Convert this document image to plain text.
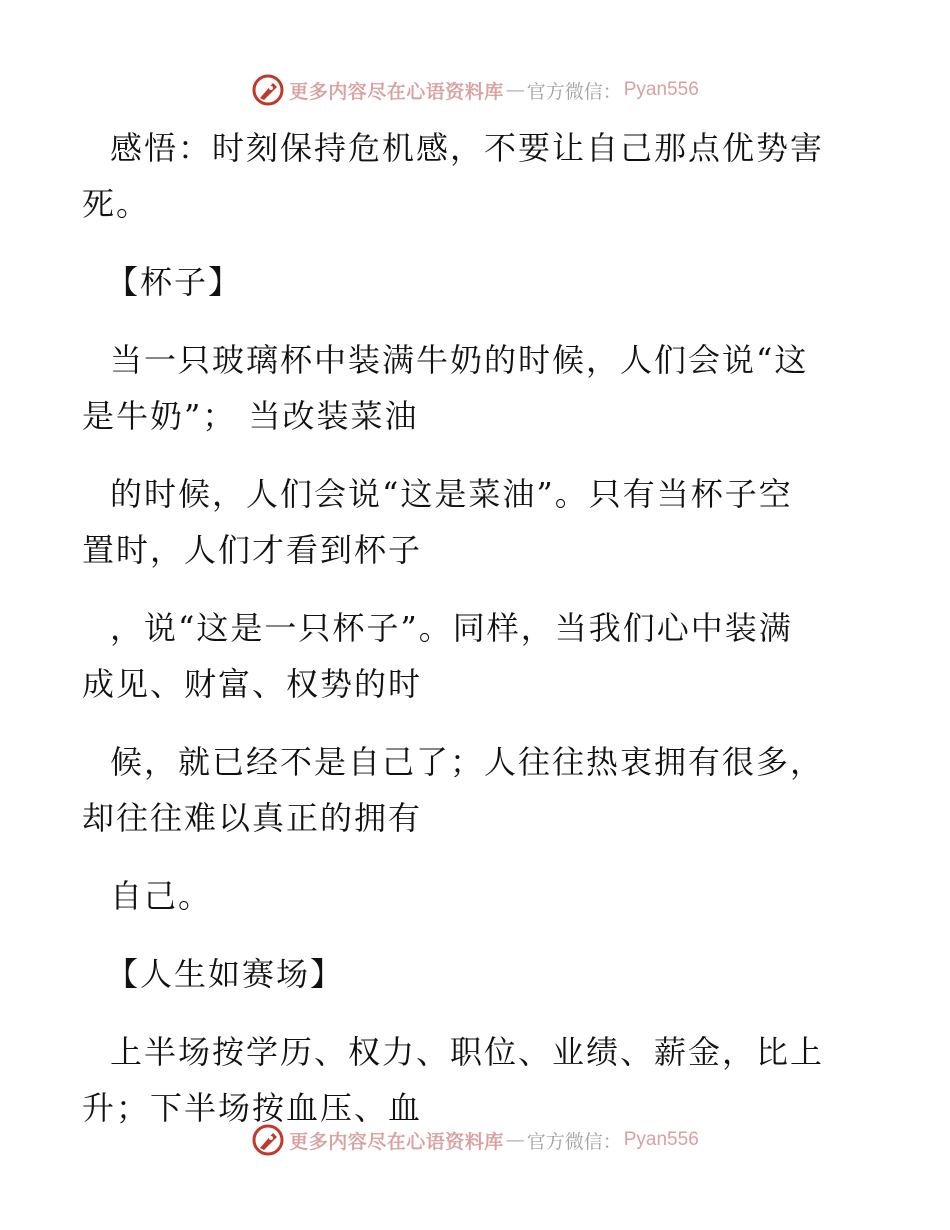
更多内容尽在心语资料库 — 官方微信： Pyan556

感悟：时刻保持危机感，不要让自己那点优势害
死。

【杯子】

当一只玻璃杯中装满牛奶的时候，人们会说“这
是牛奶”； 当改装菜油

的时候，人们会说“这是菜油”。只有当杯子空
置时，人们才看到杯子

，说“这是一只杯子”。同样，当我们心中装满
成见、财富、权势的时

候，就已经不是自己了；人往往热衷拥有很多，
却往往难以真正的拥有

自己。

【人生如赛场】

上半场按学历、权力、职位、业绩、薪金，比上
升；下半场按血压、血

更多内容尽在心语资料库 — 官方微信： Pyan556
